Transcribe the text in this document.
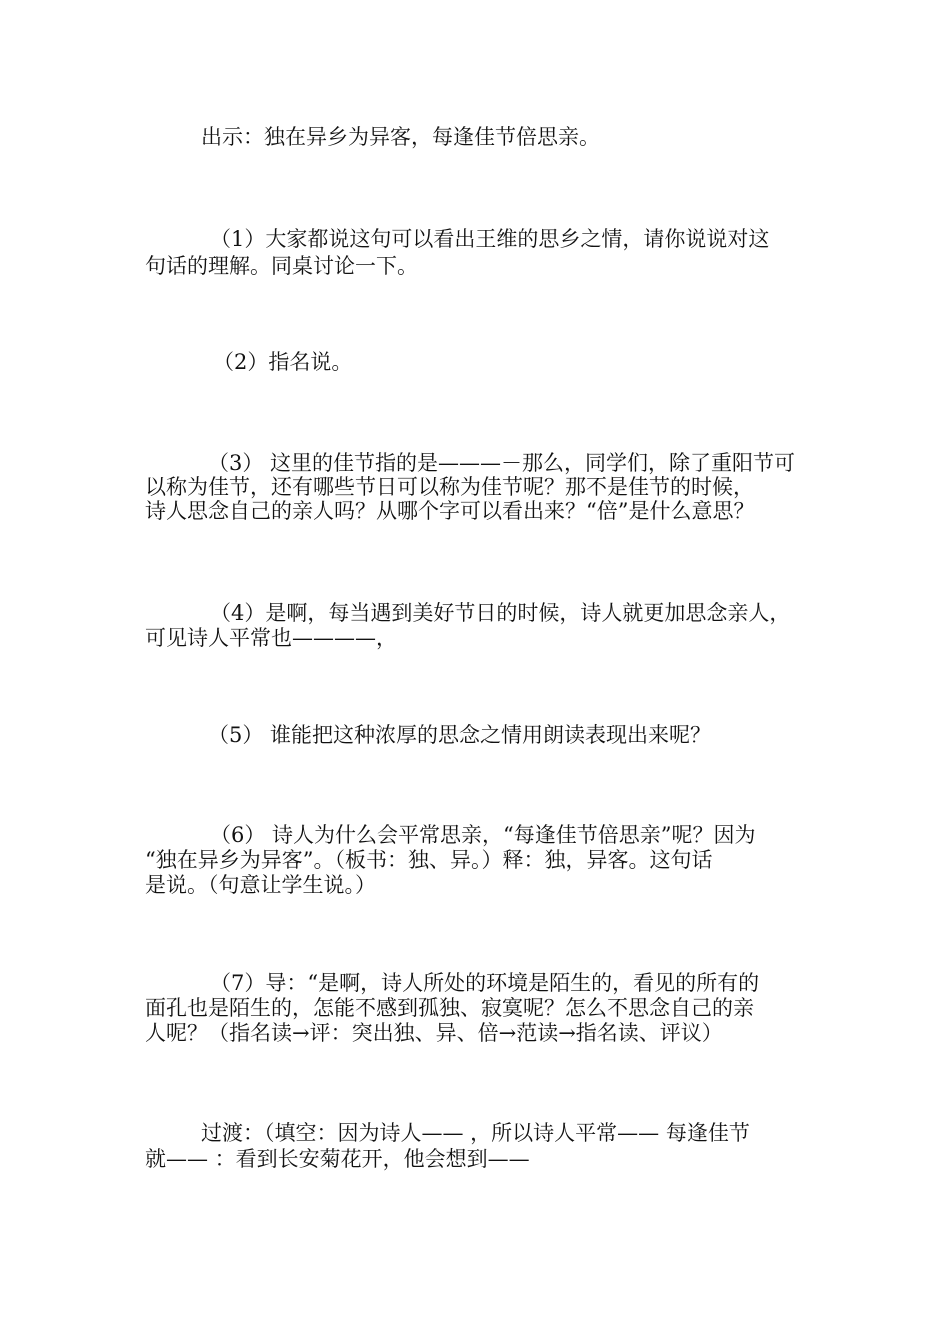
出示：独在异乡为异客，每逢佳节倍思亲。
（1）大家都说这句可以看出王维的思乡之情，请你说说对这
句话的理解。同桌讨论一下。
（2）指名说。
（3） 这里的佳节指的是———－那么，同学们，除了重阳节可
以称为佳节，还有哪些节日可以称为佳节呢？那不是佳节的时候，
诗人思念自己的亲人吗？从哪个字可以看出来？“倍”是什么意思？
（4）是啊，每当遇到美好节日的时候，诗人就更加思念亲人，
可见诗人平常也————，
（5） 谁能把这种浓厚的思念之情用朗读表现出来呢？
（6） 诗人为什么会平常思亲，“每逢佳节倍思亲”呢？因为
“独在异乡为异客”。（板书：独、异。）释：独，异客。这句话
是说。（句意让学生说。）
（7）导：“是啊，诗人所处的环境是陌生的，看见的所有的
面孔也是陌生的，怎能不感到孤独、寂寞呢？怎么不思念自己的亲
人呢？（指名读→评：突出独、异、倍→范读→指名读、评议）
过渡：（填空：因为诗人—— ，所以诗人平常—— 每逢佳节
就—— ：看到长安菊花开，他会想到——
